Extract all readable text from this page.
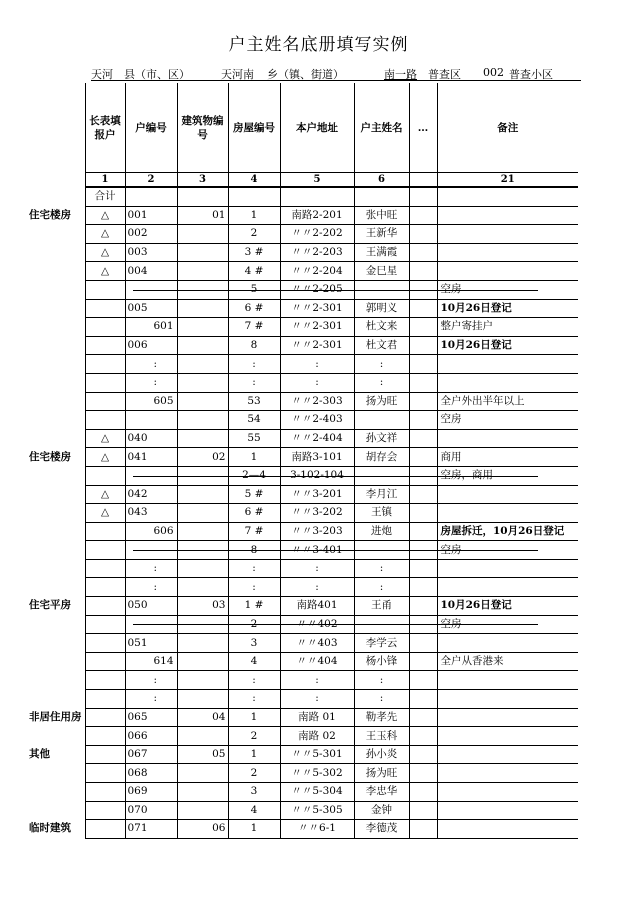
户主姓名底册填写实例
天河 县（市、区）	天河南 乡（镇、街道）	南一路 普查区 002 普查小区
	长表填报户	户编号	建筑物编号	房屋编号	本户地址	户主姓名	…	备注
	1	2	3	4	5	6		21
	合计							
住宅楼房	△	001	01	1	南路2-201	张中旺		
	△	002		2	〃〃2-202	王新华		
	△	003		3 #	〃〃2-203	王满霞		
	△	004		4 #	〃〃2-204	金巳星		
				5	〃〃2-205			空房
		005		6 #	〃〃2-301	郭明义		10月26日登记
		601		7 #	〃〃2-301	杜文来		整户寄挂户
		006		8	〃〃2-301	杜文君		10月26日登记
		:		:	:	:		
		:		:	:	:		
		605		53	〃〃2-303	扬为旺		全户外出半年以上
				54	〃〃2-403			空房
	△	040		55	〃〃2-404	孙文祥		
住宅楼房	△	041	02	1	南路3-101	胡存会		商用
				2—4	3-102-104			空房，商用
	△	042		5 #	〃〃3-201	李月江		
	△	043		6 #	〃〃3-202	王镇		
		606		7 #	〃〃3-203	进炮		房屋拆迁，10月26日登记
				8	〃〃3-401			空房
		:		:	:	:		
		:		:	:	:		
住宅平房		050	03	1 #	南路401	王甬		10月26日登记
				2	〃〃402			空房
		051		3	〃〃403	李学云		
		614		4	〃〃404	杨小锋		全户从香港来
		:		:	:	:		
		:		:	:	:		
非居住用房		065	04	1	南路 01	勒孝先		
		066		2	南路 02	王玉科		
其他		067	05	1	〃〃5-301	孙小炎		
		068		2	〃〃5-302	扬为旺		
		069		3	〃〃5-304	李忠华		
		070		4	〃〃5-305	金钟		
临时建筑		071	06	1	〃〃6-1	李德茂		
